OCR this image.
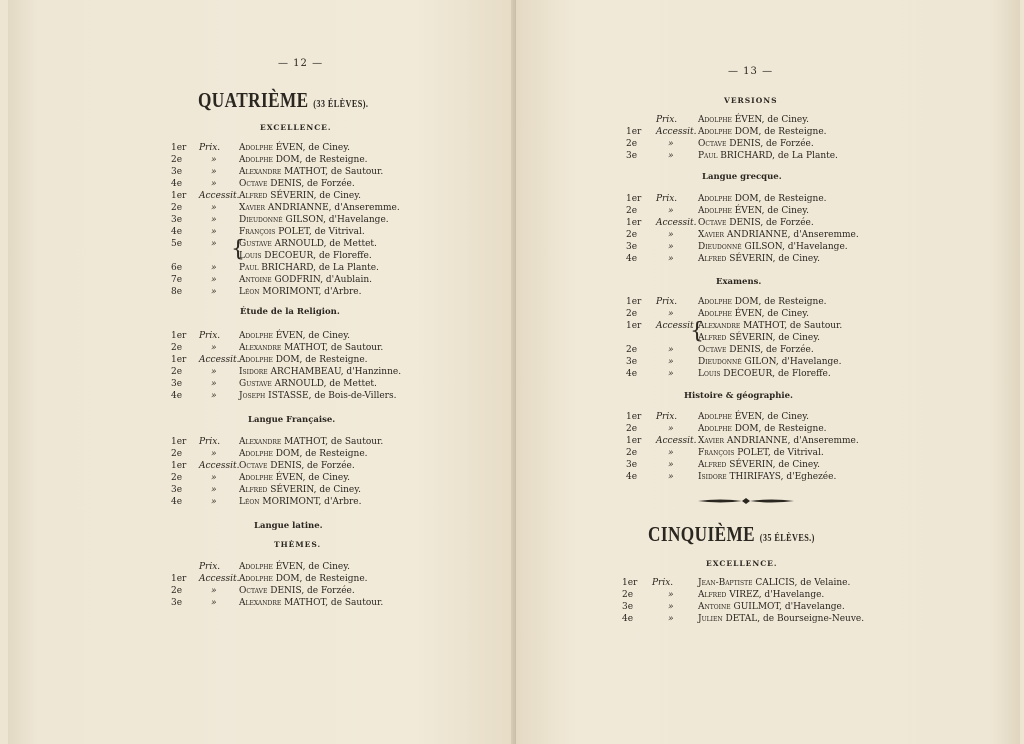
— 12 —
QUATRIÈME (33 ÉLÈVES).
EXCELLENCE.
1er Prix. Adolphe ÉVEN, de Ciney.
2e	» Adolphe DOM, de Resteigne.
3e	» Alexandre MATHOT, de Sautour.
4e	» Octave DENIS, de Forzée.
1er Accessit. Alfred SÉVERIN, de Ciney.
2e	» Xavier ANDRIANNE, d'Anseremme.
3e	» Dieudonné GILSON, d'Havelange.
4e	» François POLET, de Vitrival.
5e	» Gustave ARNOULD, de Mettet.
Louis DECOEUR, de Floreffe.
6e	» Paul BRICHARD, de La Plante.
7e	» Antoine GODFRIN, d'Aublain.
8e	» Léon MORIMONT, d'Arbre.
{
Étude de la Religion.
1er Prix. Adolphe ÉVEN, de Ciney.
2e	» Alexandre MATHOT, de Sautour.
1er Accessit. Adolphe DOM, de Resteigne.
2e	» Isidore ARCHAMBEAU, d'Hanzinne.
3e	» Gustave ARNOULD, de Mettet.
4e	» Joseph ISTASSE, de Bois-de-Villers.
Langue Française.
1er Prix. Alexandre MATHOT, de Sautour.
2e	» Adolphe DOM, de Resteigne.
1er Accessit. Octave DENIS, de Forzée.
2e	» Adolphe ÉVEN, de Ciney.
3e	» Alfred SÉVERIN, de Ciney.
4e	» Léon MORIMONT, d'Arbre.
Langue latine.
THÈMES.
Prix. Adolphe ÉVEN, de Ciney.
1er Accessit. Adolphe DOM, de Resteigne.
2e	» Octave DENIS, de Forzée.
3e	» Alexandre MATHOT, de Sautour.
— 13 —
VERSIONS
Prix. Adolphe ÉVEN, de Ciney.
1er Accessit. Adolphe DOM, de Resteigne.
2e	»	Octave DENIS, de Forzée.
3e	»	Paul BRICHARD, de La Plante.
Langue grecque.
1er Prix. Adolphe DOM, de Resteigne.
2e	»	Adolphe ÉVEN, de Ciney.
1er Accessit. Octave DENIS, de Forzée.
2e	»	Xavier ANDRIANNE, d'Anseremme.
3e	»	Dieudonné GILSON, d'Havelange.
4e	»	Alfred SÉVERIN, de Ciney.
Examens.
1er Prix. Adolphe DOM, de Resteigne.
2e	»	Adolphe ÉVEN, de Ciney.
1er Accessit Alexandre MATHOT, de Sautour.
Alfred SÉVERIN, de Ciney.
2e	»	Octave DENIS, de Forzée.
3e	»	Dieudonné GILON, d'Havelange.
4e	»	Louis DECOEUR, de Floreffe.
{
Histoire & géographie.
1er Prix. Adolphe ÉVEN, de Ciney.
2e	»	Adolphe DOM, de Resteigne.
1er Accessit. Xavier ANDRIANNE, d'Anseremme.
2e	»	François POLET, de Vitrival.
3e	»	Alfred SÉVERIN, de Ciney.
4e	»	Isidore THIRIFAYS, d'Eghezée.
CINQUIÈME (35 ÉLÈVES.)
EXCELLENCE.
1er Prix.	Jean-Baptiste CALICIS, de Velaine.
2e	»	Alfred VIREZ, d'Havelange.
3e	»	Antoine GUILMOT, d'Havelange.
4e	»	Julien DETAL, de Bourseigne-Neuve.
